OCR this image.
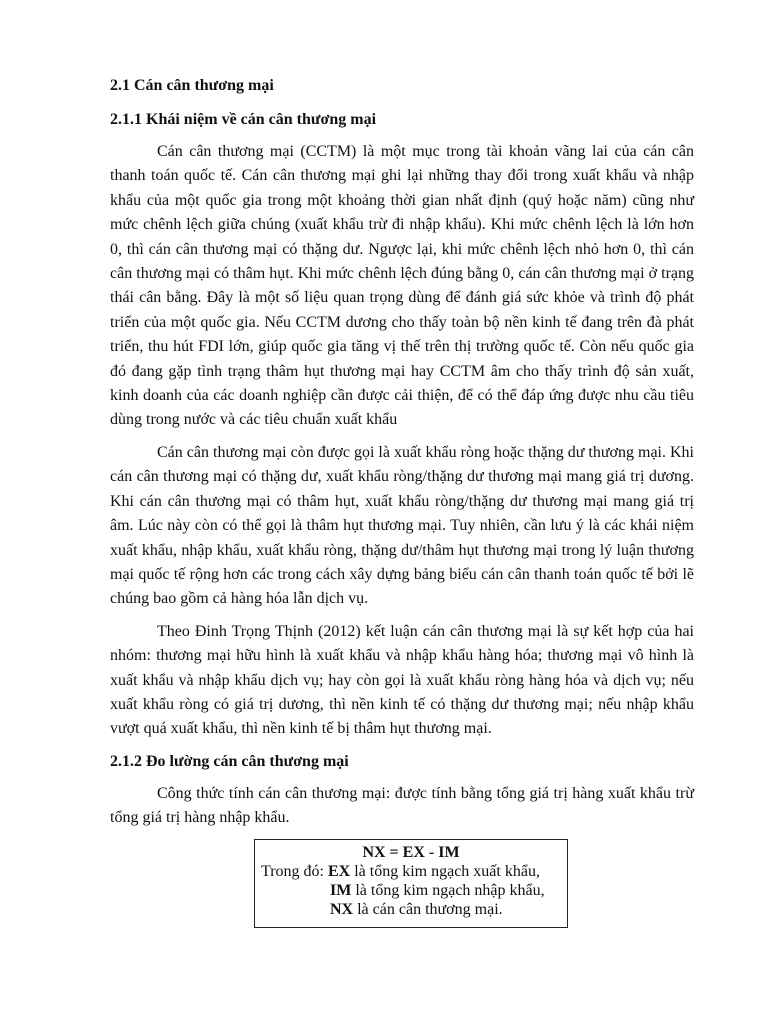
2.1 Cán cân thương mại
2.1.1 Khái niệm về cán cân thương mại

Cán cân thương mại (CCTM) là một mục trong tài khoản vãng lai của cán cân thanh toán quốc tế. Cán cân thương mại ghi lại những thay đổi trong xuất khẩu và nhập khẩu của một quốc gia trong một khoảng thời gian nhất định (quý hoặc năm) cũng như mức chênh lệch giữa chúng (xuất khẩu trừ đi nhập khẩu). Khi mức chênh lệch là lớn hơn 0, thì cán cân thương mại có thặng dư. Ngược lại, khi mức chênh lệch nhỏ hơn 0, thì cán cân thương mại có thâm hụt. Khi mức chênh lệch đúng bằng 0, cán cân thương mại ở trạng thái cân bằng. Đây là một số liệu quan trọng dùng để đánh giá sức khỏe và trình độ phát triển của một quốc gia. Nếu CCTM dương cho thấy toàn bộ nền kinh tế đang trên đà phát triển, thu hút FDI lớn, giúp quốc gia tăng vị thế trên thị trường quốc tế. Còn nếu quốc gia đó đang gặp tình trạng thâm hụt thương mại hay CCTM âm cho thấy trình độ sản xuất, kinh doanh của các doanh nghiệp cần được cải thiện, để có thể đáp ứng được nhu cầu tiêu dùng trong nước và các tiêu chuẩn xuất khẩu

Cán cân thương mại còn được gọi là xuất khẩu ròng hoặc thặng dư thương mại. Khi cán cân thương mại có thặng dư, xuất khẩu ròng/thặng dư thương mại mang giá trị dương. Khi cán cân thương mại có thâm hụt, xuất khẩu ròng/thặng dư thương mại mang giá trị âm. Lúc này còn có thể gọi là thâm hụt thương mại. Tuy nhiên, cần lưu ý là các khái niệm xuất khẩu, nhập khẩu, xuất khẩu ròng, thặng dư/thâm hụt thương mại trong lý luận thương mại quốc tế rộng hơn các trong cách xây dựng bảng biểu cán cân thanh toán quốc tế bởi lẽ chúng bao gồm cả hàng hóa lẫn dịch vụ.

Theo Đinh Trọng Thịnh (2012) kết luận cán cân thương mại là sự kết hợp của hai nhóm: thương mại hữu hình là xuất khẩu và nhập khẩu hàng hóa; thương mại vô hình là xuất khẩu và nhập khẩu dịch vụ; hay còn gọi là xuất khẩu ròng hàng hóa và dịch vụ; nếu xuất khẩu ròng có giá trị dương, thì nền kinh tế có thặng dư thương mại; nếu nhập khẩu vượt quá xuất khẩu, thì nền kinh tế bị thâm hụt thương mại.

2.1.2 Đo lường cán cân thương mại

Công thức tính cán cân thương mại: được tính bằng tổng giá trị hàng xuất khẩu trừ tổng giá trị hàng nhập khẩu.

NX = EX - IM
Trong đó: EX là tổng kim ngạch xuất khẩu,
IM là tổng kim ngạch nhập khẩu,
NX là cán cân thương mại.
